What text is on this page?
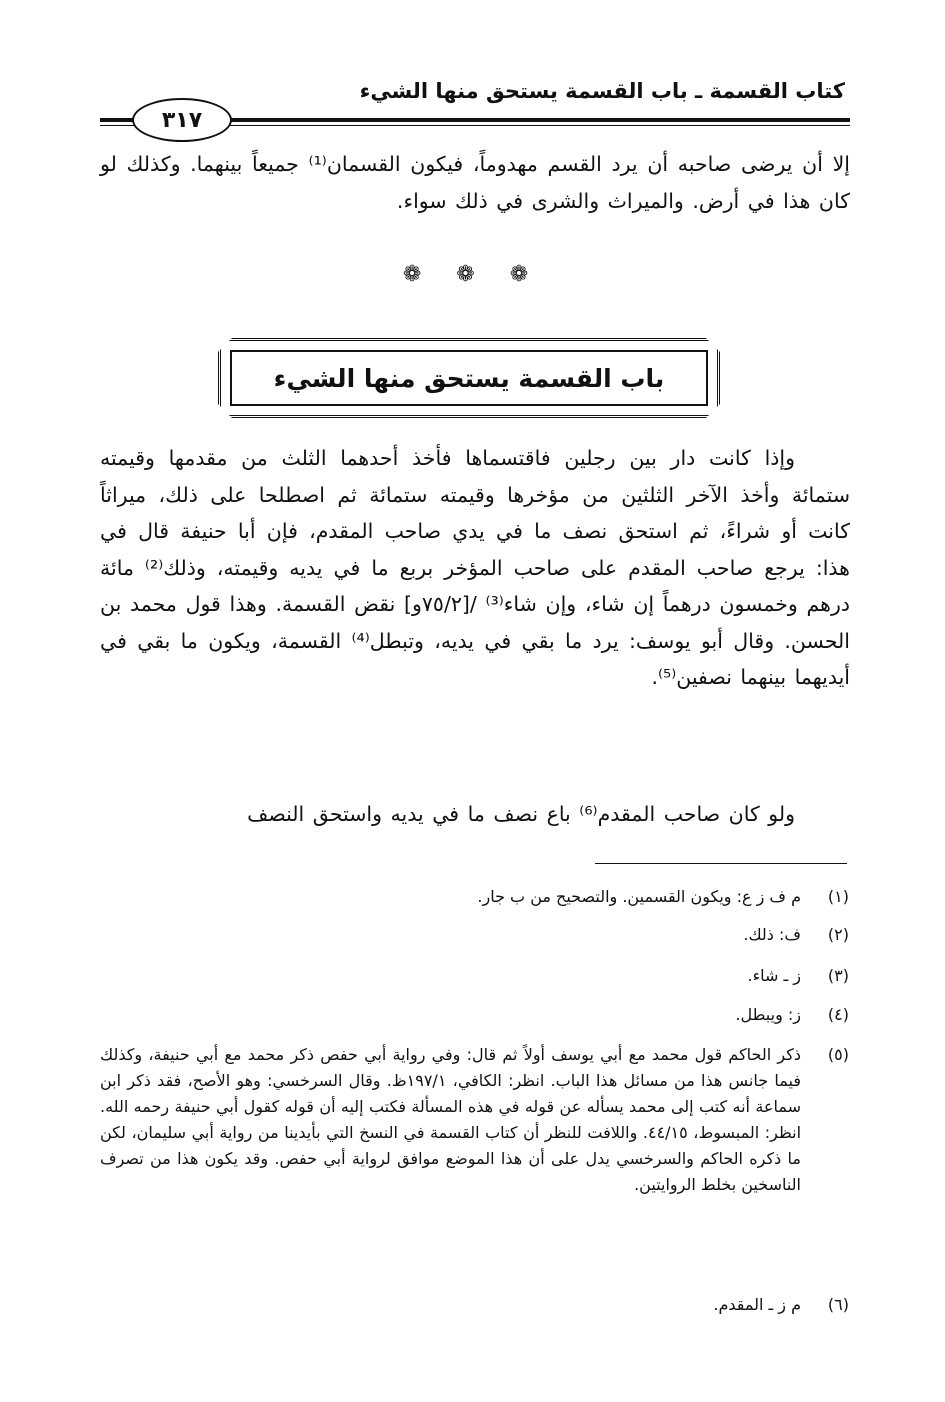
كتاب القسمة ـ باب القسمة يستحق منها الشيء
٣١٧
إلا أن يرضى صاحبه أن يرد القسم مهدوماً، فيكون القسمان⁽¹⁾ جميعاً بينهما. وكذلك لو كان هذا في أرض. والميراث والشرى في ذلك سواء.
❁ ❁ ❁
باب القسمة يستحق منها الشيء
وإذا كانت دار بين رجلين فاقتسماها فأخذ أحدهما الثلث من مقدمها وقيمته ستمائة وأخذ الآخر الثلثين من مؤخرها وقيمته ستمائة ثم اصطلحا على ذلك، ميراثاً كانت أو شراءً، ثم استحق نصف ما في يدي صاحب المقدم، فإن أبا حنيفة قال في هذا: يرجع صاحب المقدم على صاحب المؤخر بربع ما في يديه وقيمته، وذلك⁽²⁾ مائة درهم وخمسون درهماً إن شاء، وإن شاء⁽³⁾ /[٧٥/٢و] نقض القسمة. وهذا قول محمد بن الحسن. وقال أبو يوسف: يرد ما بقي في يديه، وتبطل⁽⁴⁾ القسمة، ويكون ما بقي في أيديهما بينهما نصفين⁽⁵⁾.
ولو كان صاحب المقدم⁽⁶⁾ باع نصف ما في يديه واستحق النصف
(١)
م ف ز ع: ويكون القسمين. والتصحيح من ب جار.
(٢)
ف: ذلك.
(٣)
ز ـ شاء.
(٤)
ز: ويبطل.
(٥)
ذكر الحاكم قول محمد مع أبي يوسف أولاً ثم قال: وفي رواية أبي حفص ذكر محمد مع أبي حنيفة، وكذلك فيما جانس هذا من مسائل هذا الباب. انظر: الكافي، ١٩٧/١ظ. وقال السرخسي: وهو الأصح، فقد ذكر ابن سماعة أنه كتب إلى محمد يسأله عن قوله في هذه المسألة فكتب إليه أن قوله كقول أبي حنيفة رحمه الله. انظر: المبسوط، ٤٤/١٥. واللافت للنظر أن كتاب القسمة في النسخ التي بأيدينا من رواية أبي سليمان، لكن ما ذكره الحاكم والسرخسي يدل على أن هذا الموضع موافق لرواية أبي حفص. وقد يكون هذا من تصرف الناسخين بخلط الروايتين.
(٦)
م ز ـ المقدم.
